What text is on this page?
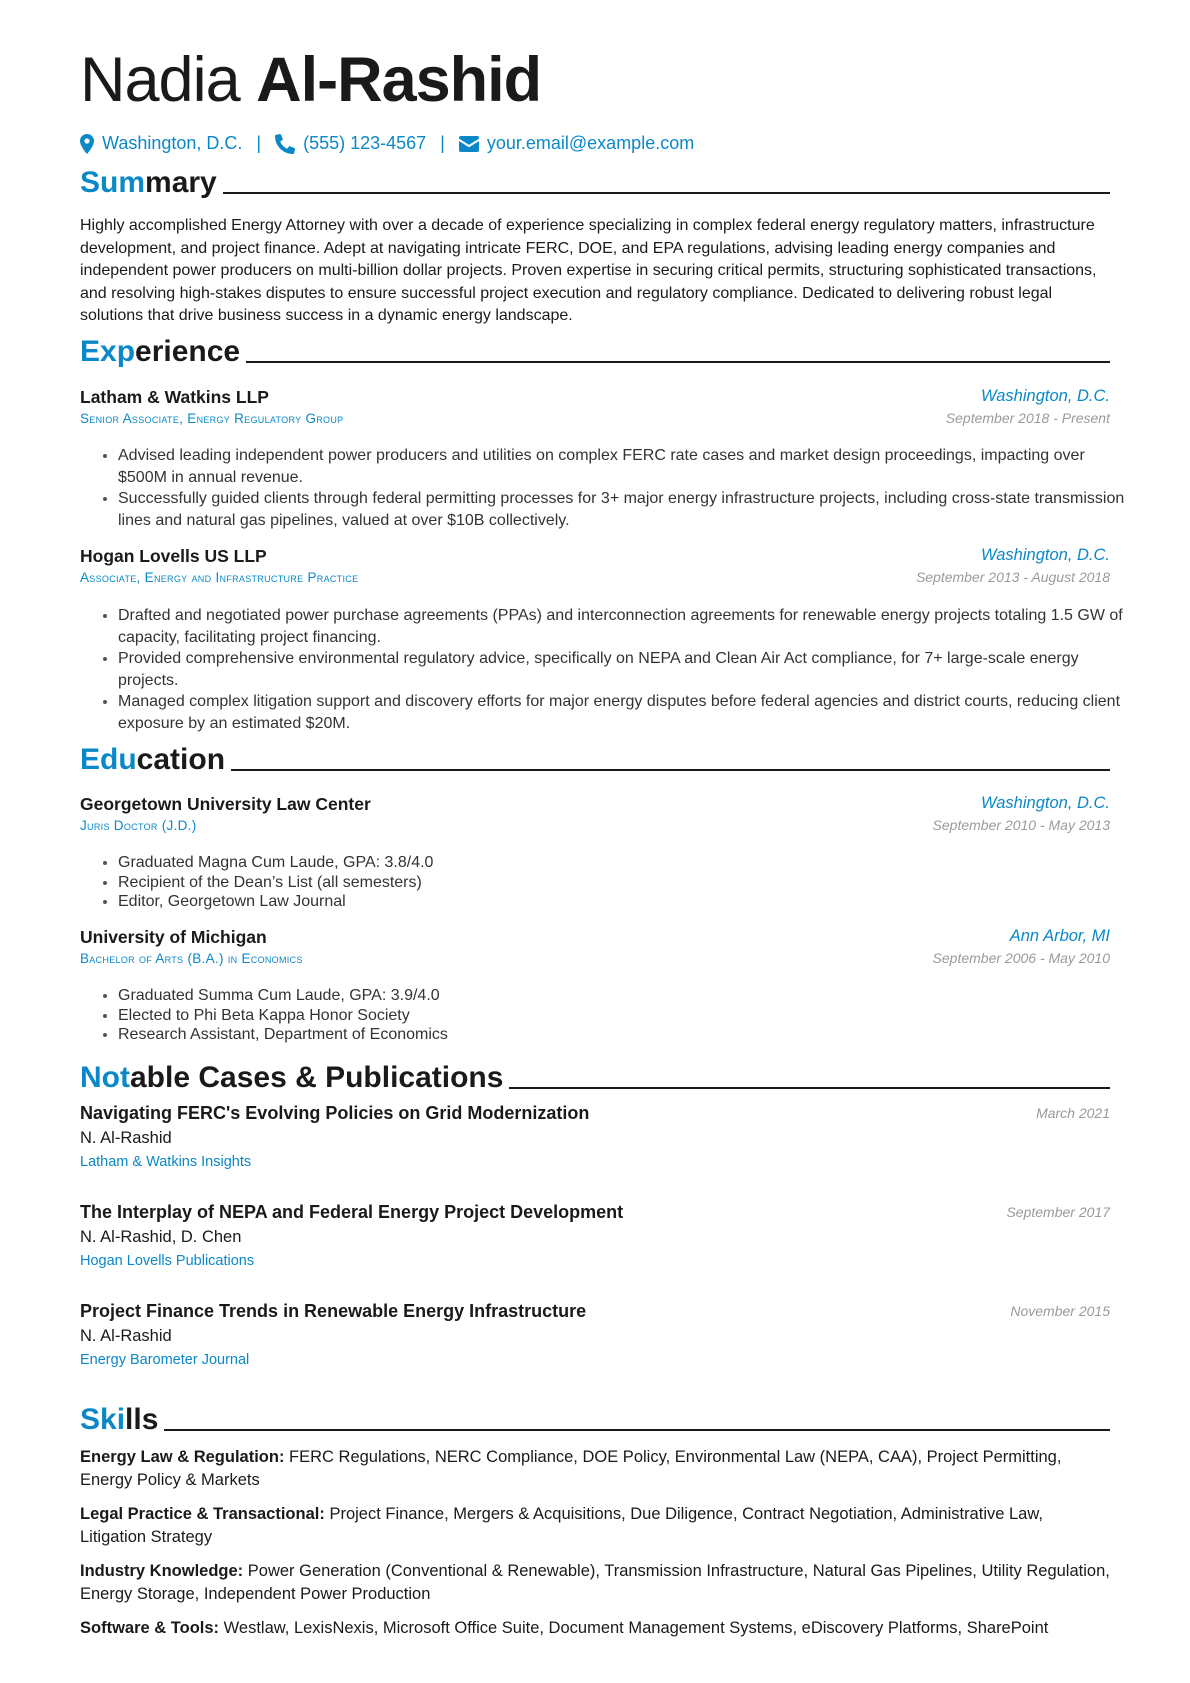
Nadia Al-Rashid
Washington, D.C. | (555) 123-4567 | your.email@example.com
Summary
Highly accomplished Energy Attorney with over a decade of experience specializing in complex federal energy regulatory matters, infrastructure development, and project finance. Adept at navigating intricate FERC, DOE, and EPA regulations, advising leading energy companies and independent power producers on multi-billion dollar projects. Proven expertise in securing critical permits, structuring sophisticated transactions, and resolving high-stakes disputes to ensure successful project execution and regulatory compliance. Dedicated to delivering robust legal solutions that drive business success in a dynamic energy landscape.
Experience
Latham & Watkins LLP
Senior Associate, Energy Regulatory Group
Washington, D.C.
September 2018 - Present
• Advised leading independent power producers and utilities on complex FERC rate cases and market design proceedings, impacting over $500M in annual revenue.
• Successfully guided clients through federal permitting processes for 3+ major energy infrastructure projects, including cross-state transmission lines and natural gas pipelines, valued at over $10B collectively.
Hogan Lovells US LLP
Associate, Energy and Infrastructure Practice
Washington, D.C.
September 2013 - August 2018
• Drafted and negotiated power purchase agreements (PPAs) and interconnection agreements for renewable energy projects totaling 1.5 GW of capacity, facilitating project financing.
• Provided comprehensive environmental regulatory advice, specifically on NEPA and Clean Air Act compliance, for 7+ large-scale energy projects.
• Managed complex litigation support and discovery efforts for major energy disputes before federal agencies and district courts, reducing client exposure by an estimated $20M.
Education
Georgetown University Law Center
Juris Doctor (J.D.)
Washington, D.C.
September 2010 - May 2013
• Graduated Magna Cum Laude, GPA: 3.8/4.0
• Recipient of the Dean’s List (all semesters)
• Editor, Georgetown Law Journal
University of Michigan
Bachelor of Arts (B.A.) in Economics
Ann Arbor, MI
September 2006 - May 2010
• Graduated Summa Cum Laude, GPA: 3.9/4.0
• Elected to Phi Beta Kappa Honor Society
• Research Assistant, Department of Economics
Notable Cases & Publications
Navigating FERC's Evolving Policies on Grid Modernization
N. Al-Rashid
Latham & Watkins Insights
March 2021
The Interplay of NEPA and Federal Energy Project Development
N. Al-Rashid, D. Chen
Hogan Lovells Publications
September 2017
Project Finance Trends in Renewable Energy Infrastructure
N. Al-Rashid
Energy Barometer Journal
November 2015
Skills
Energy Law & Regulation: FERC Regulations, NERC Compliance, DOE Policy, Environmental Law (NEPA, CAA), Project Permitting, Energy Policy & Markets
Legal Practice & Transactional: Project Finance, Mergers & Acquisitions, Due Diligence, Contract Negotiation, Administrative Law, Litigation Strategy
Industry Knowledge: Power Generation (Conventional & Renewable), Transmission Infrastructure, Natural Gas Pipelines, Utility Regulation, Energy Storage, Independent Power Production
Software & Tools: Westlaw, LexisNexis, Microsoft Office Suite, Document Management Systems, eDiscovery Platforms, SharePoint
